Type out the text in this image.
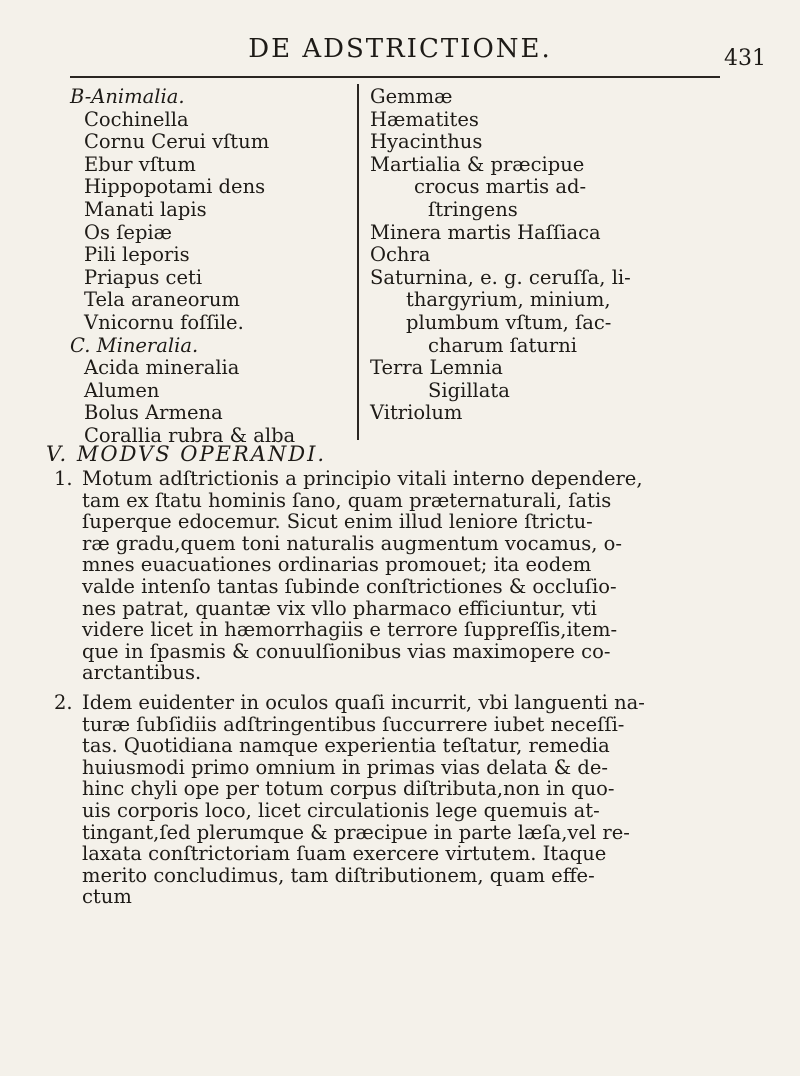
DE ADSTRICTIONE.	431
B-Animalia.
Cochinella
Cornu Cerui vſtum
Ebur vſtum
Hippopotami dens
Manati lapis
Os ſepiæ
Pili leporis
Priapus ceti
Tela araneorum
Vnicornu foſſile.
C. Mineralia.
Acida mineralia
Alumen
Bolus Armena
Corallia rubra & alba
Gemmæ
Hæmatites
Hyacinthus
Martialia & præcipue
crocus martis ad-
ſtringens
Minera martis Haſſiaca
Ochra
Saturnina, e. g. ceruſſa, li-
thargyrium, minium,
plumbum vſtum, ſac-
charum ſaturni
Terra Lemnia
Sigillata
Vitriolum
V. MODVS OPERANDI.
1. Motum adſtrictionis a principio vitali interno dependere,
tam ex ſtatu hominis ſano, quam præternaturali, ſatis
ſuperque edocemur. Sicut enim illud leniore ſtrictu-
ræ gradu,quem toni naturalis augmentum vocamus, o-
mnes euacuationes ordinarias promouet; ita eodem
valde intenſo tantas ſubinde conſtrictiones & occluſio-
nes patrat, quantæ vix vllo pharmaco efficiuntur, vti
videre licet in hæmorrhagiis e terrore ſuppreſſis,item-
que in ſpasmis & conuulſionibus vias maximopere co-
arctantibus.
2. Idem euidenter in oculos quaſi incurrit, vbi languenti na-
turæ ſubſidiis adſtringentibus ſuccurrere iubet neceſſi-
tas. Quotidiana namque experientia teſtatur, remedia
huiusmodi primo omnium in primas vias delata & de-
hinc chyli ope per totum corpus diſtributa,non in quo-
uis corporis loco, licet circulationis lege quemuis at-
tingant,ſed plerumque & præcipue in parte læſa,vel re-
laxata conſtrictoriam ſuam exercere virtutem. Itaque
merito concludimus, tam diſtributionem, quam effe-
ctum
